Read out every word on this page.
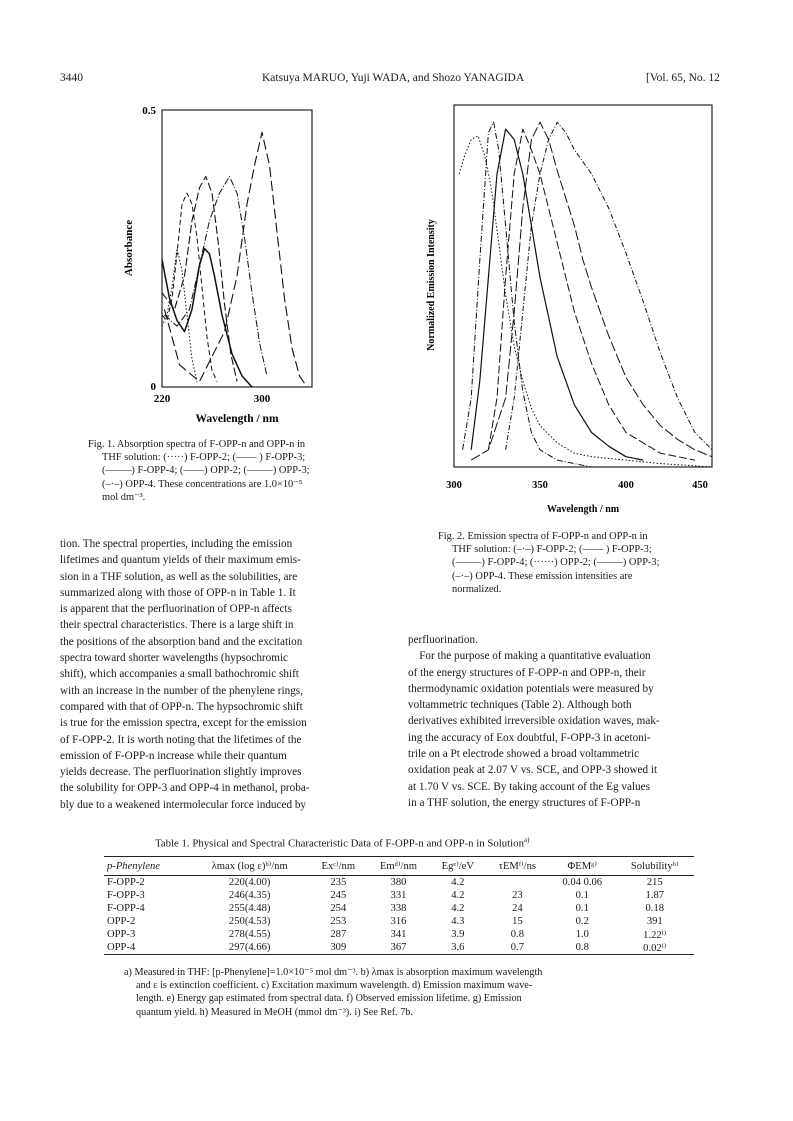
3440	Katsuya MARUO, Yuji WADA, and Shozo YANAGIDA	[Vol. 65, No. 12
0.5
0
220	300
Wavelength / nm
Absorbance
Fig. 1. Absorption spectra of F-OPP-n and OPP-n in
THF solution: (·····) F-OPP-2; (—— ) F-OPP-3;
(——–) F-OPP-4; (——) OPP-2; (—–—) OPP-3;
(–·–) OPP-4. These concentrations are 1.0×10⁻⁵
mol dm⁻³.
300	350	400	450
Wavelength / nm
Normalized Emission Intensity
Fig. 2. Emission spectra of F-OPP-n and OPP-n in
THF solution: (–·–) F-OPP-2; (—— ) F-OPP-3;
(——–) F-OPP-4; (······) OPP-2; (——–) OPP-3;
(–·–) OPP-4. These emission intensities are
normalized.

tion. The spectral properties, including the emission

lifetimes and quantum yields of their maximum emis-

sion in a THF solution, as well as the solubilities, are

summarized along with those of OPP-n in Table 1. It

is apparent that the perfluorination of OPP-n affects

their spectral characteristics. There is a large shift in

the positions of the absorption band and the excitation

spectra toward shorter wavelengths (hypsochromic

shift), which accompanies a small bathochromic shift

with an increase in the number of the phenylene rings,

compared with that of OPP-n. The hypsochromic shift

is true for the emission spectra, except for the emission

of F-OPP-2. It is worth noting that the lifetimes of the

emission of F-OPP-n increase while their quantum

yields decrease. The perfluorination slightly improves

the solubility for OPP-3 and OPP-4 in methanol, proba-

bly due to a weakened intermolecular force induced by

perfluorination.

For the purpose of making a quantitative evaluation

of the energy structures of F-OPP-n and OPP-n, their

thermodynamic oxidation potentials were measured by

voltammetric techniques (Table 2). Although both

derivatives exhibited irreversible oxidation waves, mak-

ing the accuracy of Eox doubtful, F-OPP-3 in acetoni-

trile on a Pt electrode showed a broad voltammetric

oxidation peak at 2.07 V vs. SCE, and OPP-3 showed it

at 1.70 V vs. SCE. By taking account of the Eg values

in a THF solution, the energy structures of F-OPP-n

Table 1. Physical and Spectral Characteristic Data of F-OPP-n and OPP-n in Solution$^{a)}$
p-Phenylene	λmax (log ε)ᵇ⁾/nm	Exᶜ⁾/nm	Emᵈ⁾/nm	Egᵉ⁾/eV	τEMᶠ⁾/ns	ΦEMᵍ⁾	Solubilityʰ⁾
F-OPP-2	220(4.00)	235	380	4.2		0.04 0.06	215
F-OPP-3	246(4.35)	245	331	4.2	23	0.1	1.87
F-OPP-4	255(4.48)	254	338	4.2	24	0.1	0.18
OPP-2	250(4.53)	253	316	4.3	15	0.2	391
OPP-3	278(4.55)	287	341	3.9	0.8	1.0	1.22ⁱ⁾
OPP-4	297(4.66)	309	367	3.6	0.7	0.8	0.02ⁱ⁾
a) Measured in THF: [p-Phenylene]=1.0×10⁻⁵ mol dm⁻³. b) λmax is absorption maximum wavelength
and ε is extinction coefficient. c) Excitation maximum wavelength. d) Emission maximum wave-
length. e) Energy gap estimated from spectral data. f) Observed emission lifetime. g) Emission
quantum yield. h) Measured in MeOH (mmol dm⁻³). i) See Ref. 7b.
